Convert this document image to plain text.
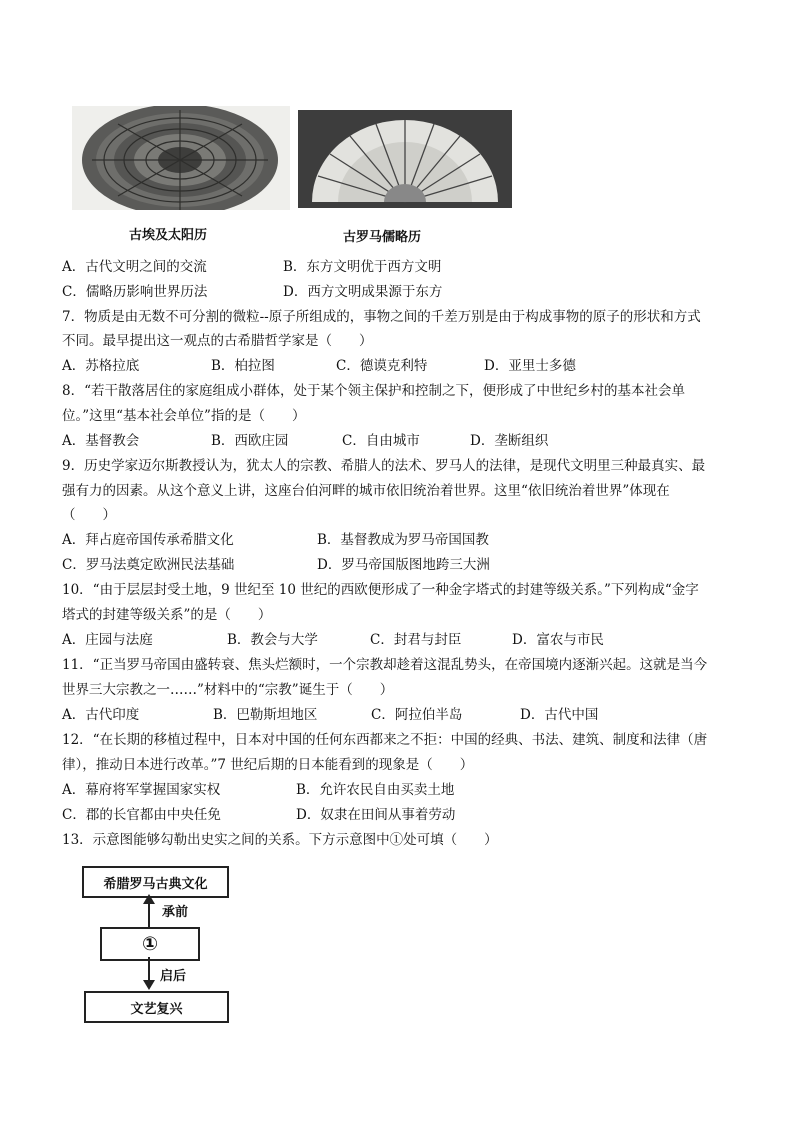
古埃及太阳历	古罗马儒略历
A．古代文明之间的交流	B．东方文明优于西方文明
C．儒略历影响世界历法	D．西方文明成果源于东方
7．物质是由无数不可分割的微粒--原子所组成的，事物之间的千差万别是由于构成事物的原子的形状和方式
不同。最早提出这一观点的古希腊哲学家是（　　）
A．苏格拉底	B．柏拉图	C．德谟克利特	D．亚里士多德
8．“若干散落居住的家庭组成小群体，处于某个领主保护和控制之下，便形成了中世纪乡村的基本社会单
位。”这里“基本社会单位”指的是（　　）
A．基督教会	B．西欧庄园	C．自由城市	D．垄断组织
9．历史学家迈尔斯教授认为，犹太人的宗教、希腊人的法术、罗马人的法律，是现代文明里三种最真实、最
强有力的因素。从这个意义上讲，这座台伯河畔的城市依旧统治着世界。这里“依旧统治着世界”体现在
（　　）
A．拜占庭帝国传承希腊文化	B．基督教成为罗马帝国国教
C．罗马法奠定欧洲民法基础	D．罗马帝国版图地跨三大洲
10．“由于层层封受土地，9 世纪至 10 世纪的西欧便形成了一种金字塔式的封建等级关系。”下列构成“金字
塔式的封建等级关系”的是（　　）
A．庄园与法庭	B．教会与大学	C．封君与封臣	D．富农与市民
11．“正当罗马帝国由盛转衰、焦头烂额时，一个宗教却趁着这混乱势头，在帝国境内逐渐兴起。这就是当今
世界三大宗教之一……”材料中的“宗教”诞生于（　　）
A．古代印度	B．巴勒斯坦地区	C．阿拉伯半岛	D．古代中国
12．“在长期的移植过程中，日本对中国的任何东西都来之不拒：中国的经典、书法、建筑、制度和法律（唐
律），推动日本进行改革。”7 世纪后期的日本能看到的现象是（　　）
A．幕府将军掌握国家实权	B．允许农民自由买卖土地
C．郡的长官都由中央任免	D．奴隶在田间从事着劳动
13．示意图能够勾勒出史实之间的关系。下方示意图中①处可填（　　）
希腊罗马古典文化
①
文艺复兴
承前
启后
